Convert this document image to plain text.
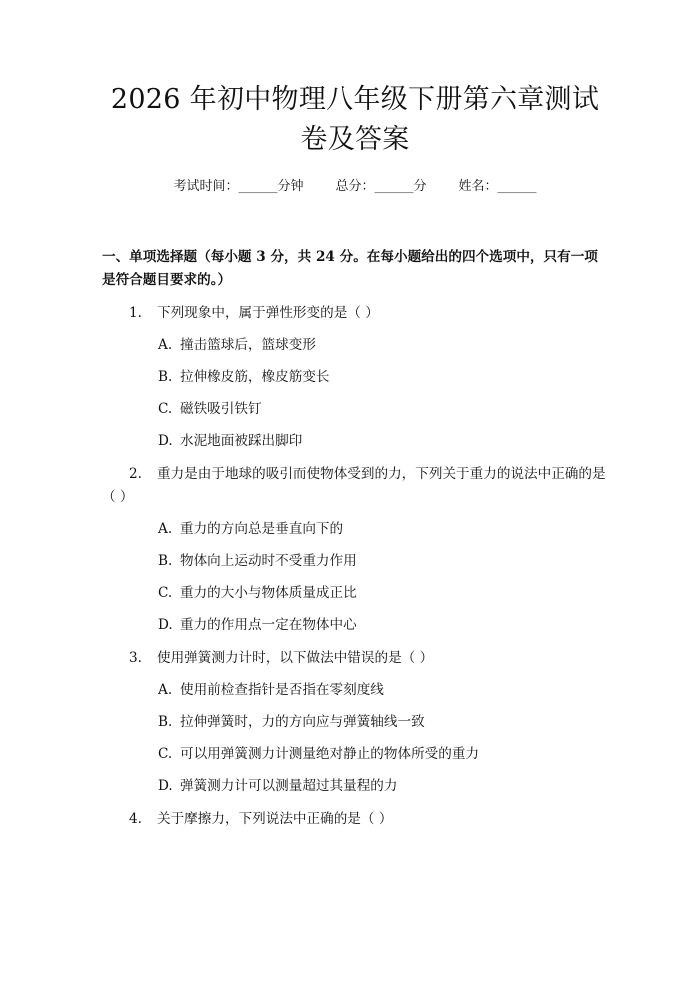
2026 年初中物理八年级下册第六章测试卷及答案
考试时间：______分钟 总分：______分 姓名：______
一、单项选择题（每小题 3 分，共 24 分。在每小题给出的四个选项中，只有一项是符合题目要求的。）
1. 下列现象中，属于弹性形变的是（ ）
A. 撞击篮球后，篮球变形
B. 拉伸橡皮筋，橡皮筋变长
C. 磁铁吸引铁钉
D. 水泥地面被踩出脚印
2. 重力是由于地球的吸引而使物体受到的力，下列关于重力的说法中正确的是（ ）
A. 重力的方向总是垂直向下的
B. 物体向上运动时不受重力作用
C. 重力的大小与物体质量成正比
D. 重力的作用点一定在物体中心
3. 使用弹簧测力计时，以下做法中错误的是（ ）
A. 使用前检查指针是否指在零刻度线
B. 拉伸弹簧时，力的方向应与弹簧轴线一致
C. 可以用弹簧测力计测量绝对静止的物体所受的重力
D. 弹簧测力计可以测量超过其量程的力
4. 关于摩擦力，下列说法中正确的是（ ）
